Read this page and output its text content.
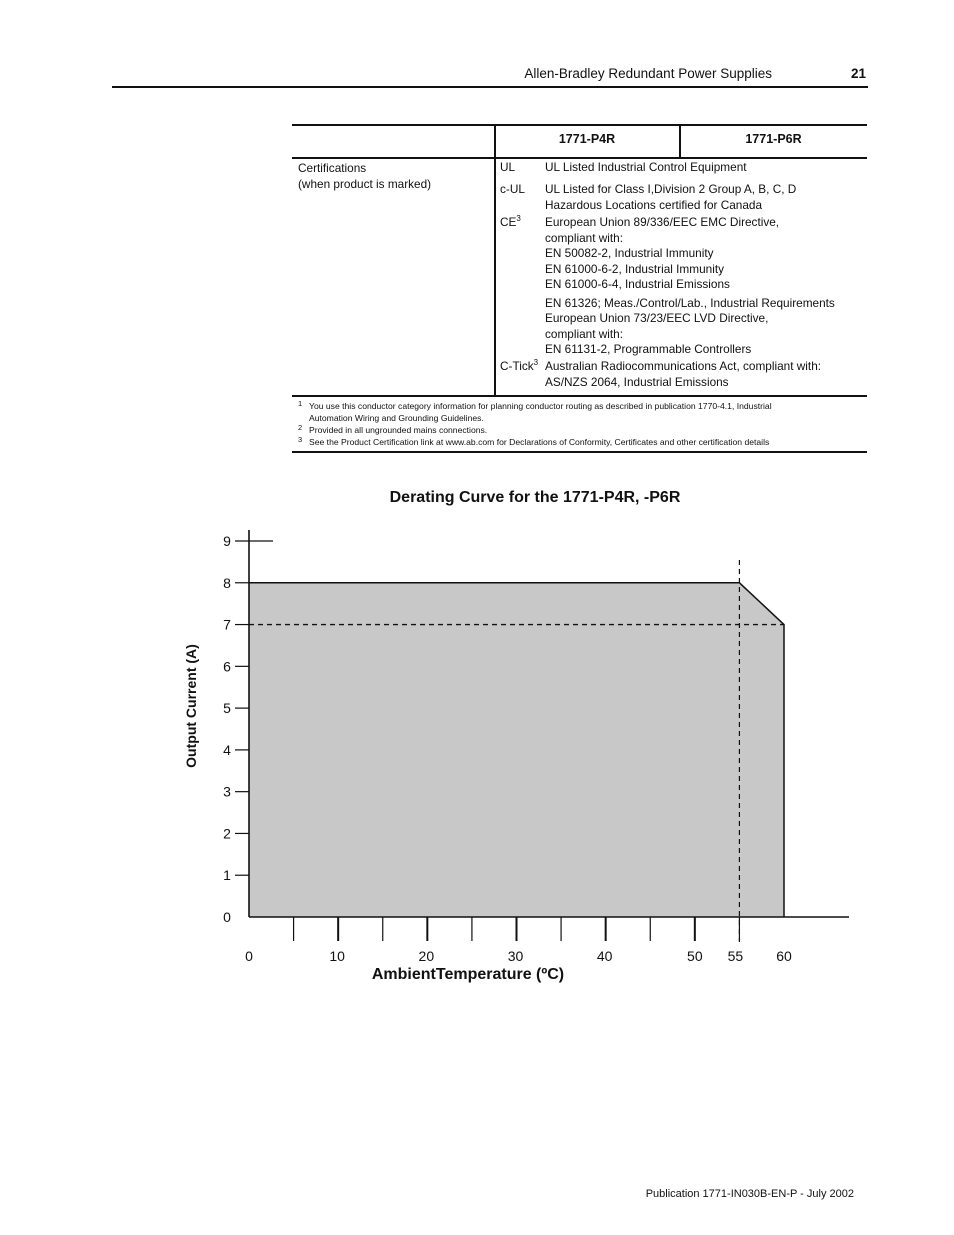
Allen-Bradley Redundant Power Supplies	21
1771-P4R	1771-P6R
Certifications
(when product is marked)
UL	UL Listed Industrial Control Equipment
c-UL UL Listed for Class I,Division 2 Group A, B, C, D
Hazardous Locations certified for Canada
$CE^3$ European Union 89/336/EEC EMC Directive,
compliant with:
EN 50082-2, Industrial Immunity
EN 61000-6-2, Industrial Immunity
EN 61000-6-4, Industrial Emissions
EN 61326; Meas./Control/Lab., Industrial Requirements
European Union 73/23/EEC LVD Directive,
compliant with:
EN 61131-2, Programmable Controllers
C-Tick$^3$ Australian Radiocommunications Act, compliant with:
AS/NZS 2064, Industrial Emissions
1 You use this conductor category information for planning conductor routing as described in publication 1770-4.1, Industrial
Automation Wiring and Grounding Guidelines.
2 Provided in all ungrounded mains connections.
3 See the Product Certification link at www.ab.com for Declarations of Conformity, Certificates and other certification details
Derating Curve for the 1771-P4R, -P6R
0
1
2
3
4
5
6
7
8
9
0	10	20	30	40	50 55 60
AmbientTemperature (ºC)
Output Current (A)
Publication 1771-IN030B-EN-P - July 2002
